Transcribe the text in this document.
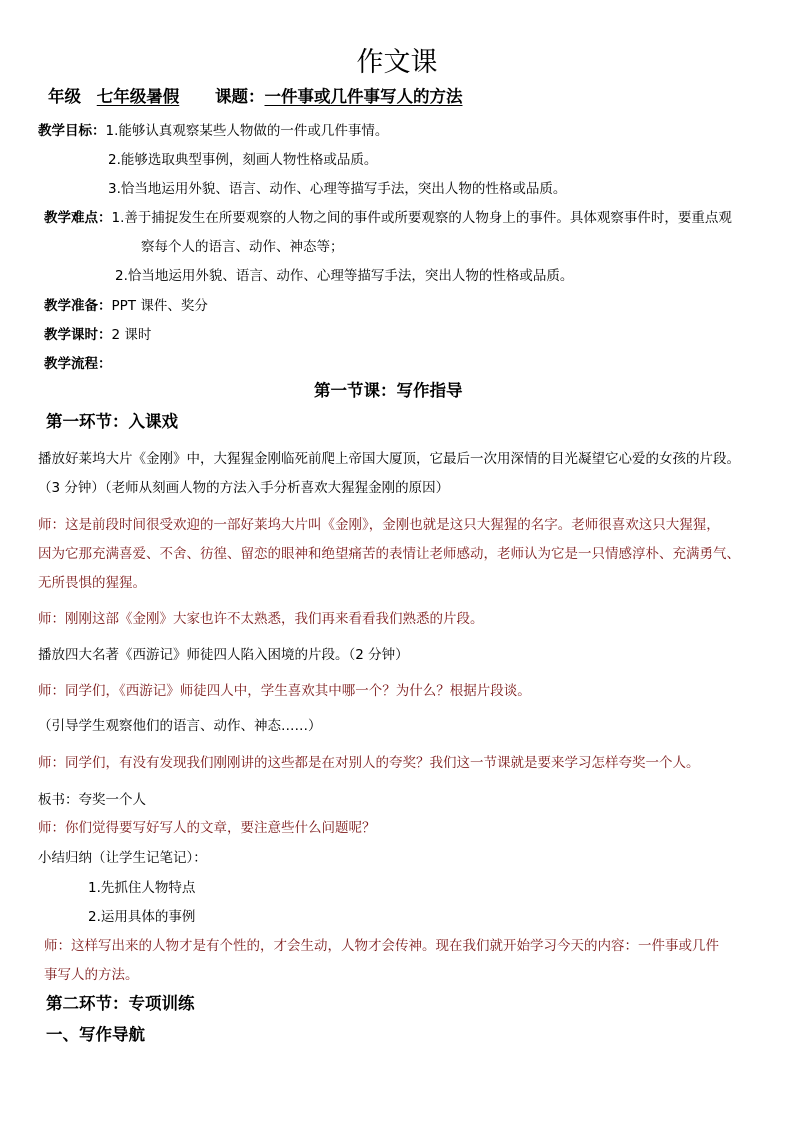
作文课
年级 七年级暑假 课题：一件事或几件事写人的方法
教学目标：1.能够认真观察某些人物做的一件或几件事情。
2.能够选取典型事例，刻画人物性格或品质。
3.恰当地运用外貌、语言、动作、心理等描写手法，突出人物的性格或品质。
教学难点：1.善于捕捉发生在所要观察的人物之间的事件或所要观察的人物身上的事件。具体观察事件时，要重点观
察每个人的语言、动作、神态等；
2.恰当地运用外貌、语言、动作、心理等描写手法，突出人物的性格或品质。
教学准备：PPT 课件、奖分
教学课时：2 课时
教学流程：
第一节课：写作指导
第一环节：入课戏
播放好莱坞大片《金刚》中，大猩猩金刚临死前爬上帝国大厦顶，它最后一次用深情的目光凝望它心爱的女孩的片段。
（3 分钟）（老师从刻画人物的方法入手分析喜欢大猩猩金刚的原因）
师：这是前段时间很受欢迎的一部好莱坞大片叫《金刚》，金刚也就是这只大猩猩的名字。老师很喜欢这只大猩猩，
因为它那充满喜爱、不舍、彷徨、留恋的眼神和绝望痛苦的表情让老师感动，老师认为它是一只情感淳朴、充满勇气、
无所畏惧的猩猩。
师：刚刚这部《金刚》大家也许不太熟悉，我们再来看看我们熟悉的片段。
播放四大名著《西游记》师徒四人陷入困境的片段。（2 分钟）
师：同学们，《西游记》师徒四人中，学生喜欢其中哪一个？为什么？根据片段谈。
（引导学生观察他们的语言、动作、神态……）
师：同学们，有没有发现我们刚刚讲的这些都是在对别人的夸奖？我们这一节课就是要来学习怎样夸奖一个人。
板书：夸奖一个人
师：你们觉得要写好写人的文章，要注意些什么问题呢？
小结归纳（让学生记笔记）：
1.先抓住人物特点
2.运用具体的事例
师：这样写出来的人物才是有个性的，才会生动，人物才会传神。现在我们就开始学习今天的内容：一件事或几件
事写人的方法。
第二环节：专项训练
一、写作导航
